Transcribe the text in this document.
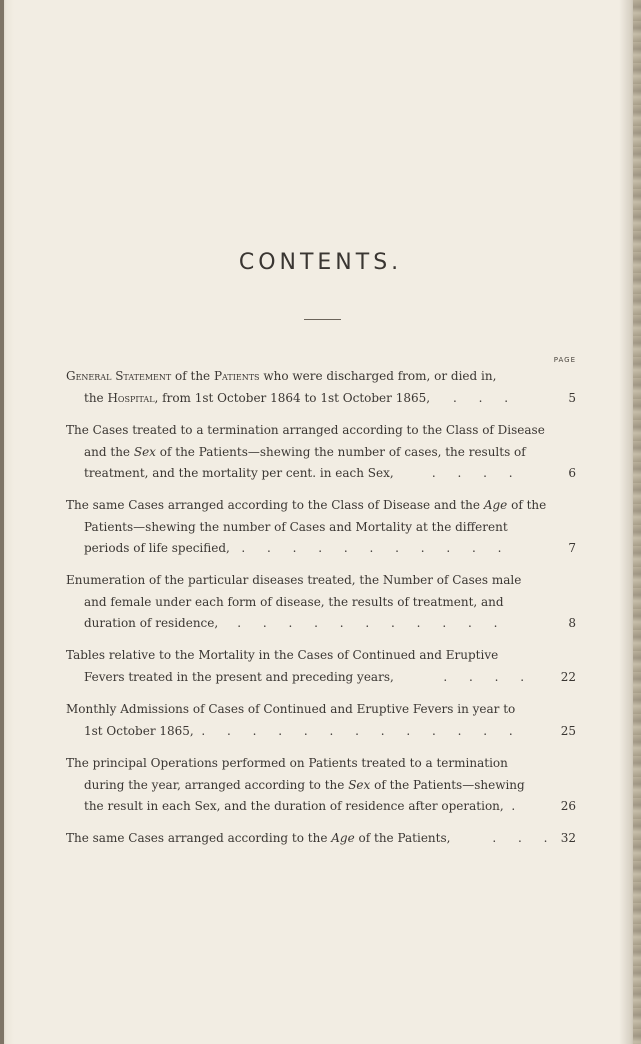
CONTENTS.
PAGE
General Statement of the Patients who were discharged from, or died in,
the Hospital, from 1st October 1864 to 1st October 1865, . . .	5
The Cases treated to a termination arranged according to the Class of Disease
and the Sex of the Patients—shewing the number of cases, the results of
treatment, and the mortality per cent. in each Sex,	. . . .	6
The same Cases arranged according to the Class of Disease and the Age of the
Patients—shewing the number of Cases and Mortality at the different
periods of life specified, . . . . . . . . . . .	7
Enumeration of the particular diseases treated, the Number of Cases male
and female under each form of disease, the results of treatment, and
duration of residence, . . . . . . . . . . .	8
Tables relative to the Mortality in the Cases of Continued and Eruptive
Fevers treated in the present and preceding years,	. . . .	22
Monthly Admissions of Cases of Continued and Eruptive Fevers in year to
1st October 1865, . . . . . . . . . . . . .	25
The principal Operations performed on Patients treated to a termination
during the year, arranged according to the Sex of the Patients—shewing
the result in each Sex, and the duration of residence after operation, .	26
The same Cases arranged according to the Age of the Patients,	. . . 32
